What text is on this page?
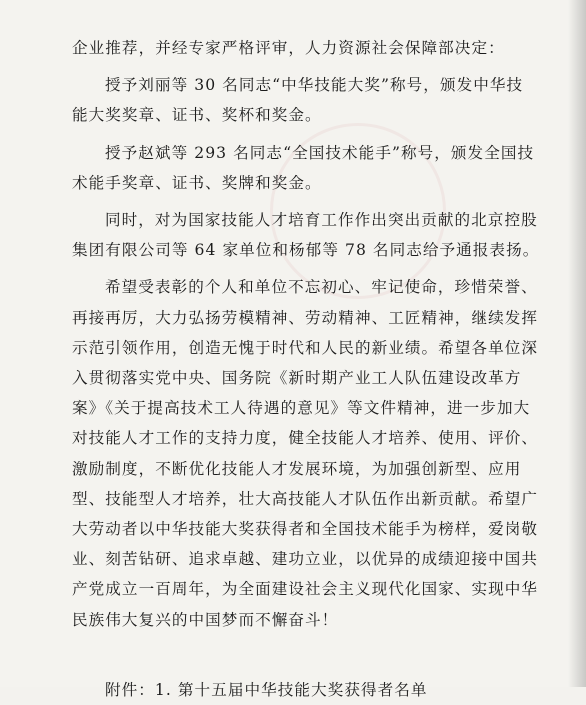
企业推荐，并经专家严格评审，人力资源社会保障部决定：
授予刘丽等 30 名同志“中华技能大奖”称号，颁发中华技
能大奖奖章、证书、奖杯和奖金。
授予赵斌等 293 名同志“全国技术能手”称号，颁发全国技
术能手奖章、证书、奖牌和奖金。
同时，对为国家技能人才培育工作作出突出贡献的北京控股
集团有限公司等 64 家单位和杨郁等 78 名同志给予通报表扬。
希望受表彰的个人和单位不忘初心、牢记使命，珍惜荣誉、
再接再厉，大力弘扬劳模精神、劳动精神、工匠精神，继续发挥
示范引领作用，创造无愧于时代和人民的新业绩。希望各单位深
入贯彻落实党中央、国务院《新时期产业工人队伍建设改革方
案》《关于提高技术工人待遇的意见》等文件精神，进一步加大
对技能人才工作的支持力度，健全技能人才培养、使用、评价、
激励制度，不断优化技能人才发展环境，为加强创新型、应用
型、技能型人才培养，壮大高技能人才队伍作出新贡献。希望广
大劳动者以中华技能大奖获得者和全国技术能手为榜样，爱岗敬
业、刻苦钻研、追求卓越、建功立业，以优异的成绩迎接中国共
产党成立一百周年，为全面建设社会主义现代化国家、实现中华
民族伟大复兴的中国梦而不懈奋斗！
附件：1. 第十五届中华技能大奖获得者名单
